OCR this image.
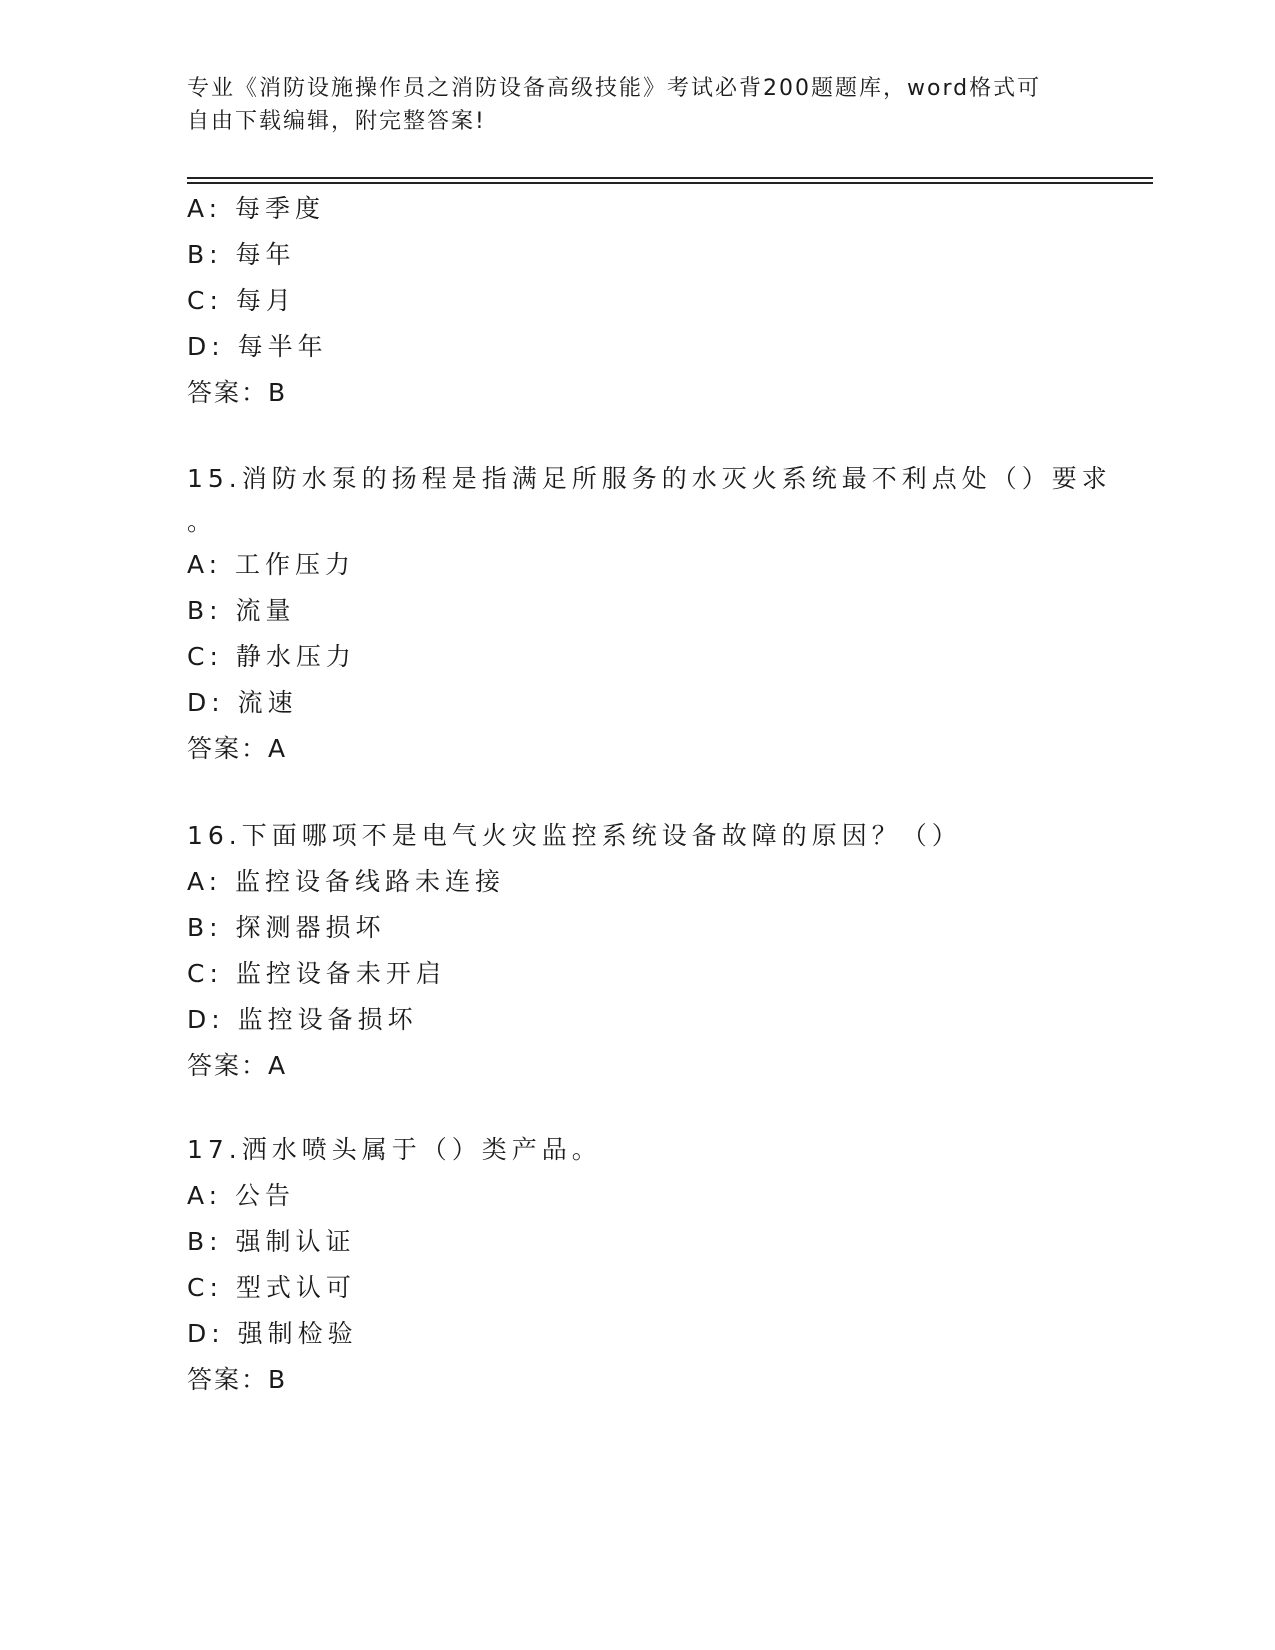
专业《消防设施操作员之消防设备高级技能》考试必背200题题库，word格式可
自由下载编辑，附完整答案!
A: 每季度
B: 每年
C: 每月
D: 每半年
答案：B
15.消防水泵的扬程是指满足所服务的水灭火系统最不利点处（）要求
。
A: 工作压力
B: 流量
C: 静水压力
D: 流速
答案：A
16.下面哪项不是电气火灾监控系统设备故障的原因？（）
A: 监控设备线路未连接
B: 探测器损坏
C: 监控设备未开启
D: 监控设备损坏
答案：A
17.洒水喷头属于（）类产品。
A: 公告
B: 强制认证
C: 型式认可
D: 强制检验
答案：B
